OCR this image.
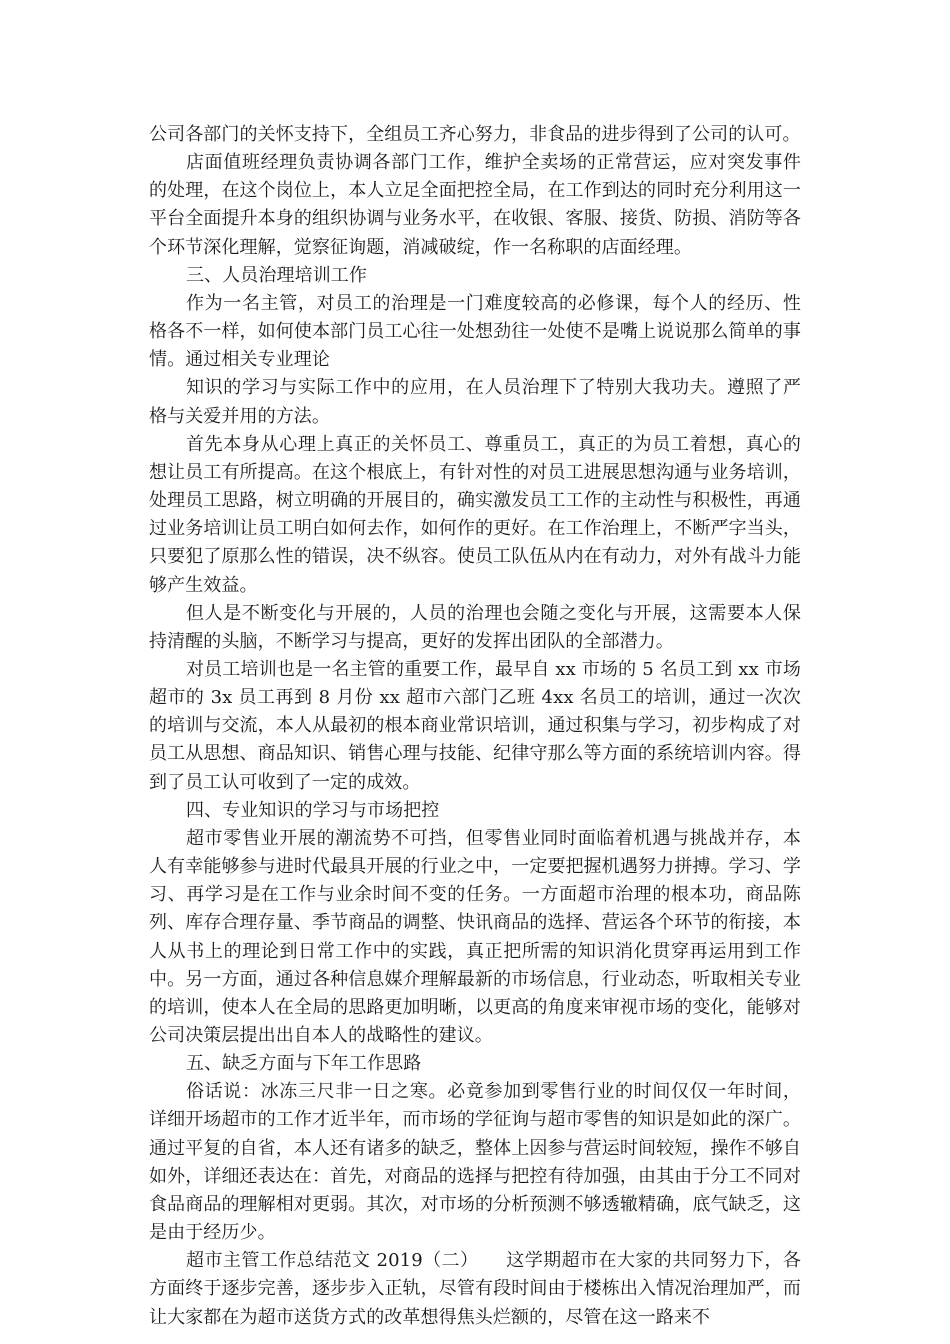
公司各部门的关怀支持下，全组员工齐心努力，非食品的进步得到了公司的认可。

店面值班经理负责协调各部门工作，维护全卖场的正常营运，应对突发事件的处理，在这个岗位上，本人立足全面把控全局，在工作到达的同时充分利用这一平台全面提升本身的组织协调与业务水平，在收银、客服、接货、防损、消防等各个环节深化理解，觉察征询题，消减破绽，作一名称职的店面经理。

三、人员治理培训工作

作为一名主管，对员工的治理是一门难度较高的必修课，每个人的经历、性格各不一样，如何使本部门员工心往一处想劲往一处使不是嘴上说说那么简单的事情。通过相关专业理论

知识的学习与实际工作中的应用，在人员治理下了特别大我功夫。遵照了严格与关爱并用的方法。

首先本身从心理上真正的关怀员工、尊重员工，真正的为员工着想，真心的想让员工有所提高。在这个根底上，有针对性的对员工进展思想沟通与业务培训，处理员工思路，树立明确的开展目的，确实激发员工工作的主动性与积极性，再通过业务培训让员工明白如何去作，如何作的更好。在工作治理上，不断严字当头，只要犯了原那么性的错误，决不纵容。使员工队伍从内在有动力，对外有战斗力能够产生效益。

但人是不断变化与开展的，人员的治理也会随之变化与开展，这需要本人保持清醒的头脑，不断学习与提高，更好的发挥出团队的全部潜力。

对员工培训也是一名主管的重要工作，最早自 xx 市场的 5 名员工到 xx 市场超市的 3x 员工再到 8 月份 xx 超市六部门乙班 4xx 名员工的培训，通过一次次的培训与交流，本人从最初的根本商业常识培训，通过积集与学习，初步构成了对员工从思想、商品知识、销售心理与技能、纪律守那么等方面的系统培训内容。得到了员工认可收到了一定的成效。

四、专业知识的学习与市场把控

超市零售业开展的潮流势不可挡，但零售业同时面临着机遇与挑战并存，本人有幸能够参与进时代最具开展的行业之中，一定要把握机遇努力拼搏。学习、学习、再学习是在工作与业余时间不变的任务。一方面超市治理的根本功，商品陈列、库存合理存量、季节商品的调整、快讯商品的选择、营运各个环节的衔接，本人从书上的理论到日常工作中的实践，真正把所需的知识消化贯穿再运用到工作中。另一方面，通过各种信息媒介理解最新的市场信息，行业动态，听取相关专业的培训，使本人在全局的思路更加明晰，以更高的角度来审视市场的变化，能够对公司决策层提出出自本人的战略性的建议。

五、缺乏方面与下年工作思路

俗话说：冰冻三尺非一日之寒。必竟参加到零售行业的时间仅仅一年时间，详细开场超市的工作才近半年，而市场的学征询与超市零售的知识是如此的深广。通过平复的自省，本人还有诸多的缺乏，整体上因参与营运时间较短，操作不够自如外，详细还表达在：首先，对商品的选择与把控有待加强，由其由于分工不同对食品商品的理解相对更弱。其次，对市场的分析预测不够透辙精确，底气缺乏，这是由于经历少。

超市主管工作总结范文 2019（二）　　这学期超市在大家的共同努力下，各方面终于逐步完善，逐步步入正轨，尽管有段时间由于楼栋出入情况治理加严，而让大家都在为超市送货方式的改革想得焦头烂额的，尽管在这一路来不
